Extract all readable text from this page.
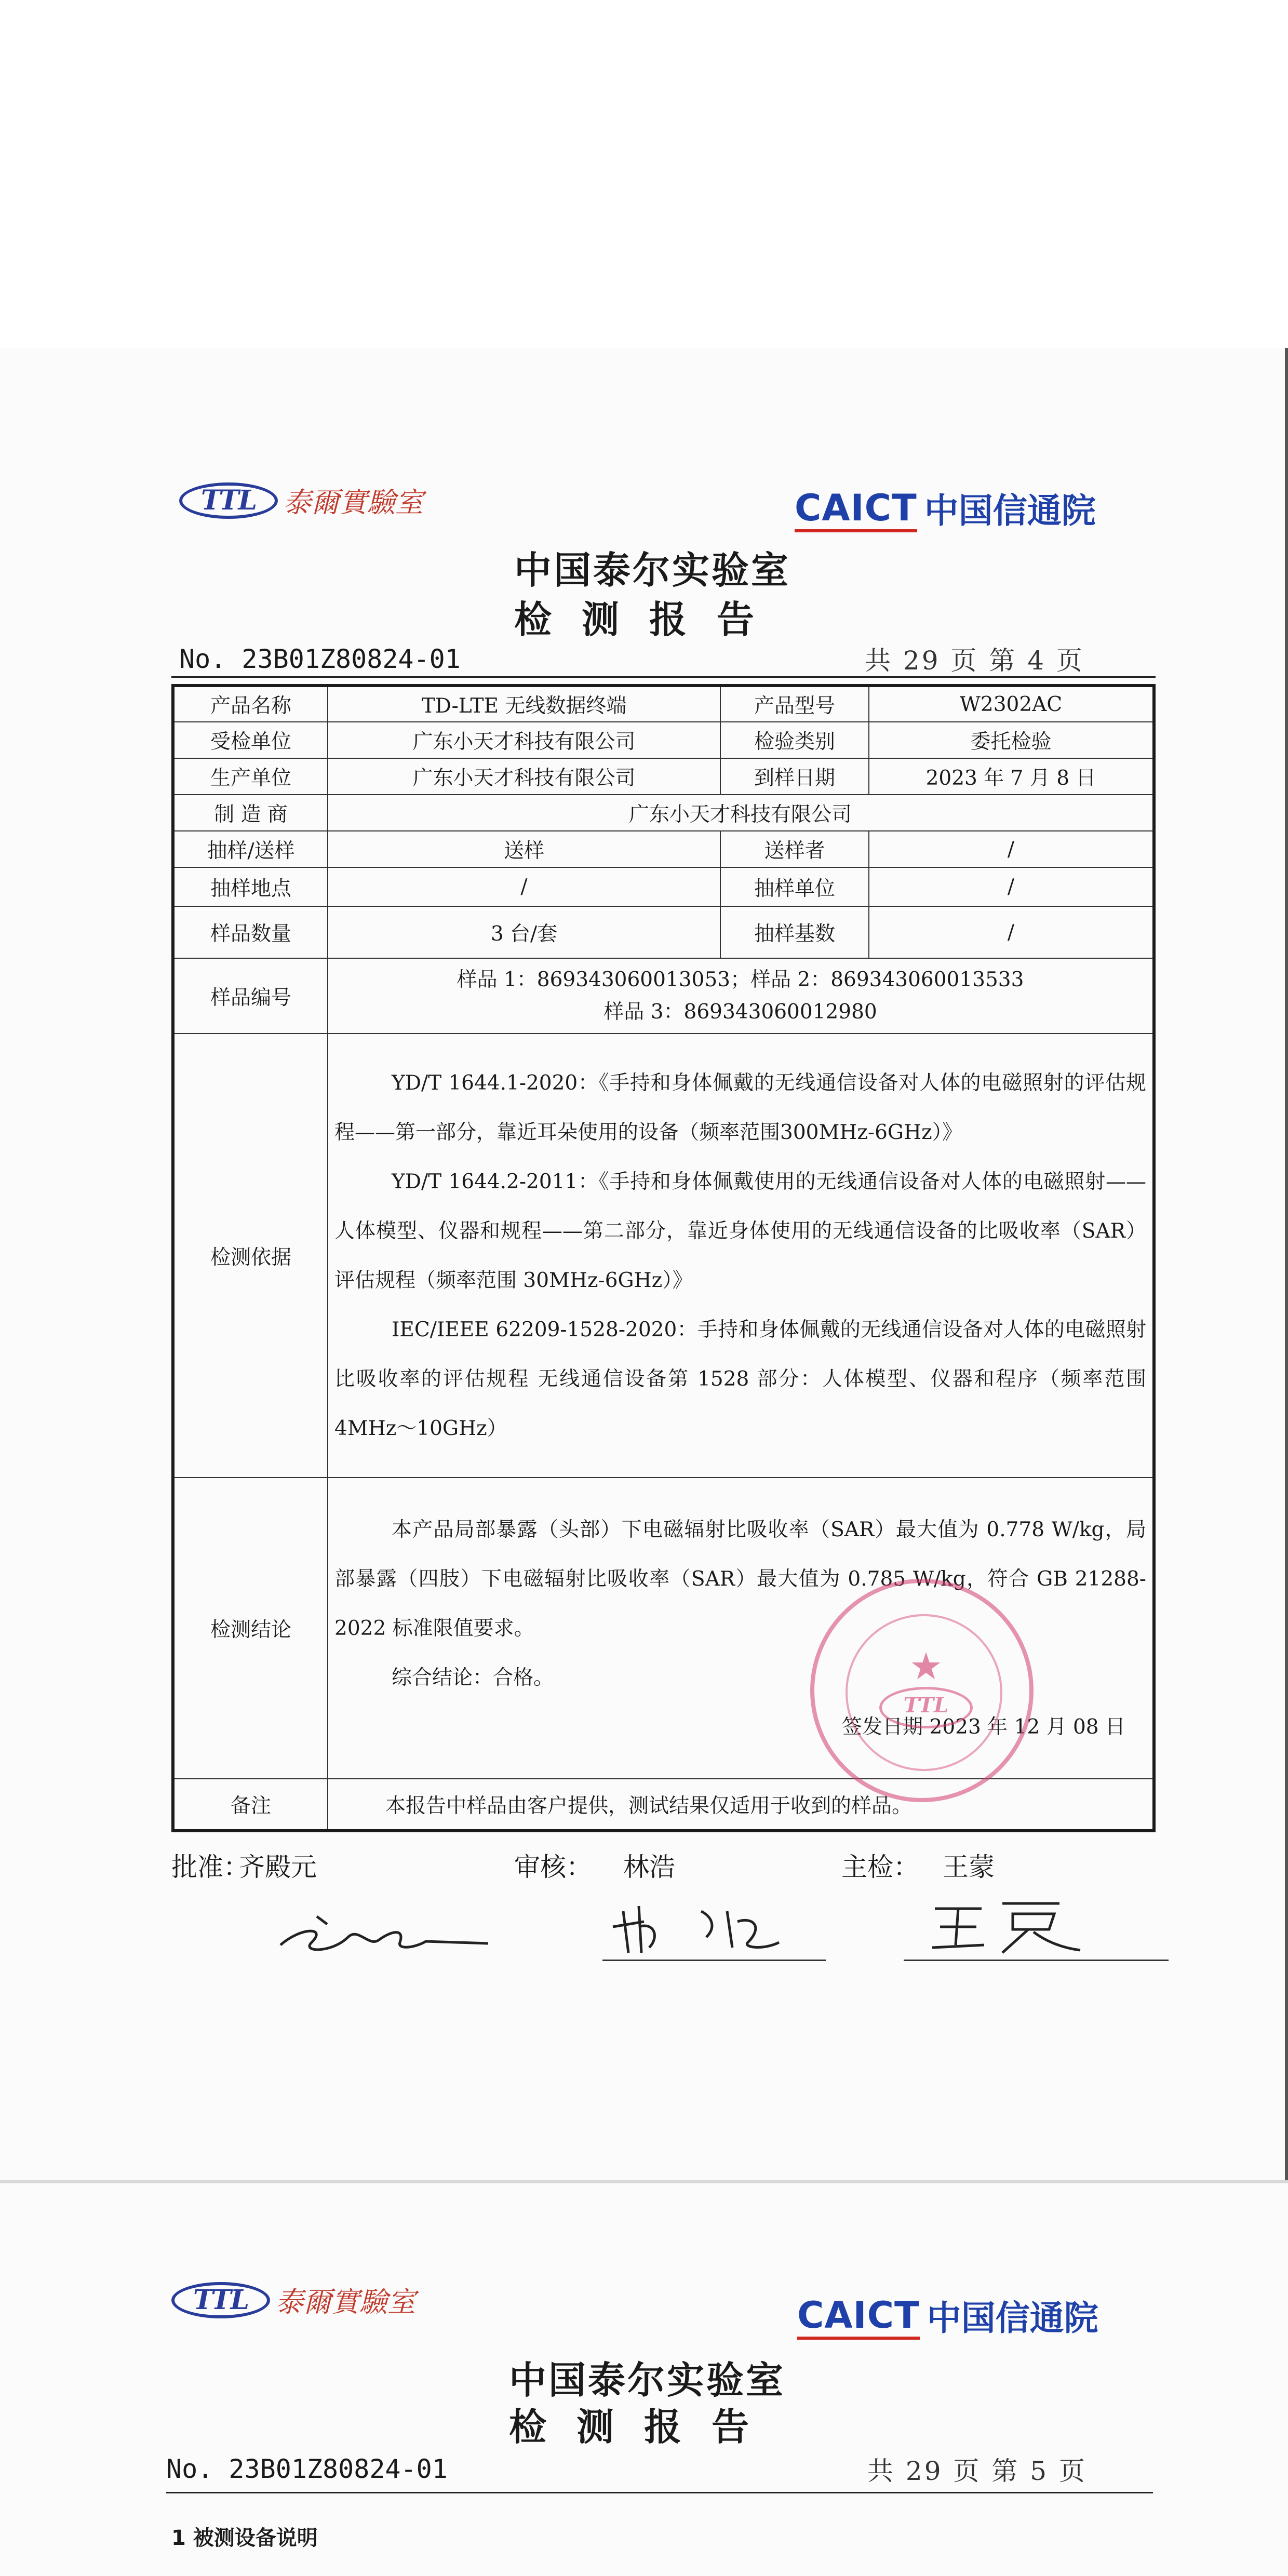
TTL 泰爾實驗室	CAICT 中国信通院
中国泰尔实验室
检测报告
No. 23B01Z80824-01	共 29 页 第 4 页
产品名称	TD-LTE 无线数据终端	产品型号	W2302AC
受检单位	广东小天才科技有限公司	检验类别	委托检验
生产单位	广东小天才科技有限公司	到样日期	2023 年 7 月 8 日
制 造 商	广东小天才科技有限公司		
抽样/送样	送样	送样者	/
抽样地点	/	抽样单位	/
样品数量	3 台/套	抽样基数	/
样品编号	样品 1：869343060013053；样品 2：869343060013533
样品 3：869343060012980		

检测依据	YD/T 1644.1-2020：《手持和身体佩戴的无线通信设备对人体的电磁照射的评估规程——第一部分，靠近耳朵使用的设备（频率范围300MHz-6GHz）》
YD/T 1644.2-2011：《手持和身体佩戴使用的无线通信设备对人体的电磁照射——人体模型、仪器和规程——第二部分，靠近身体使用的无线通信设备的比吸收率（SAR）评估规程（频率范围 30MHz-6GHz）》
IEC/IEEE 62209-1528-2020：手持和身体佩戴的无线通信设备对人体的电磁照射比吸收率的评估规程 无线通信设备第 1528 部分：人体模型、仪器和程序（频率范围 4MHz～10GHz）		

检测结论	本产品局部暴露（头部）下电磁辐射比吸收率（SAR）最大值为 0.778 W/kg，局部暴露（四肢）下电磁辐射比吸收率（SAR）最大值为 0.785 W/kg，符合 GB 21288-2022 标准限值要求。
综合结论：合格。
签发日期 2023 年 12 月 08 日		

备注	本报告中样品由客户提供，测试结果仅适用于收到的样品。		
★
TTL
批准：
齐殿元	审核： 林浩	主检： 王蒙
TTL 泰爾實驗室	CAICT 中国信通院
中国泰尔实验室
检测报告
No. 23B01Z80824-01	共 29 页 第 5 页
1 被测设备说明
